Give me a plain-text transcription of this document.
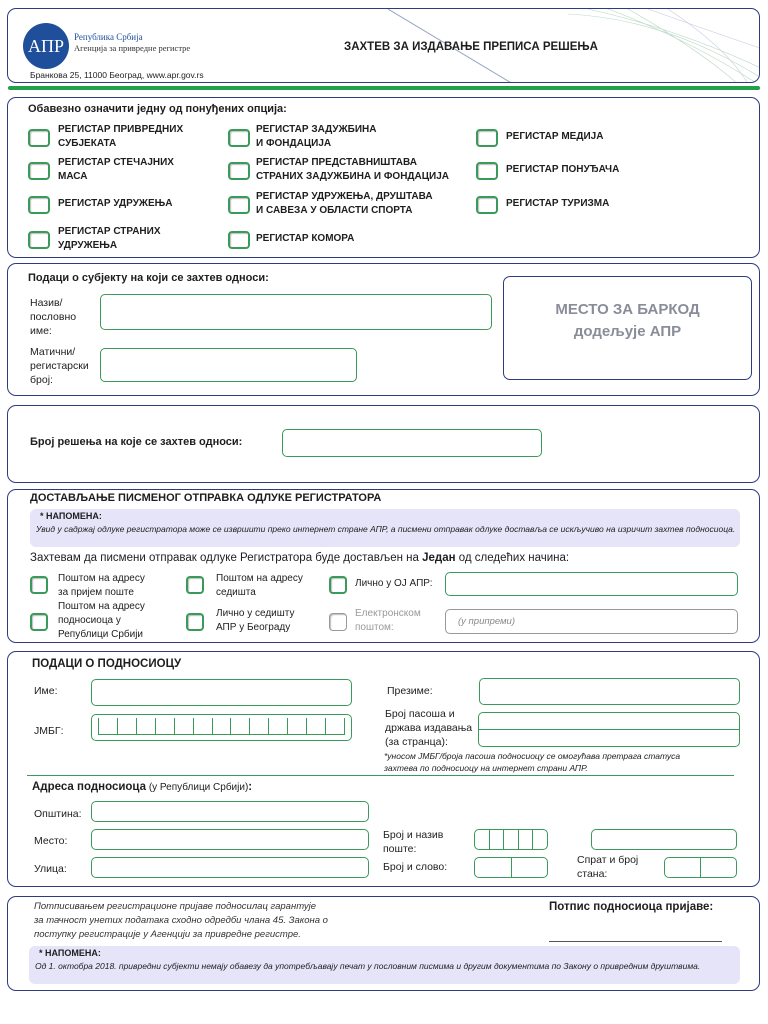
АПР	Република Србија
Агенција за привредне регистре
Бранкова 25, 11000 Београд, www.apr.gov.rs
ЗАХТЕВ ЗА ИЗДАВАЊЕ ПРЕПИСА РЕШЕЊА
Обавезно означити једну од понуђених опција:
РЕГИСТАР ПРИВРЕДНИХ
СУБЈЕКАТА
РЕГИСТАР СТЕЧАЈНИХ
МАСА
РЕГИСТАР УДРУЖЕЊА
РЕГИСТАР СТРАНИХ
УДРУЖЕЊА
РЕГИСТАР ЗАДУЖБИНА
И ФОНДАЦИЈА
РЕГИСТАР ПРЕДСТАВНИШТАВА
СТРАНИХ ЗАДУЖБИНА И ФОНДАЦИЈА
РЕГИСТАР УДРУЖЕЊА, ДРУШТАВА
И САВЕЗА У ОБЛАСТИ СПОРТА
РЕГИСТАР КОМОРА
РЕГИСТАР МЕДИЈА
РЕГИСТАР ПОНУЂАЧА
РЕГИСТАР ТУРИЗМА
Подаци о субјекту на који се захтев односи:
Назив/
пословно
име:
Матични/
регистарски
број:
МЕСТО ЗА БАРКОД
додељује АПР
Број решења на које се захтев односи:
ДОСТАВЉАЊЕ ПИСМЕНОГ ОТПРАВКА ОДЛУКЕ РЕГИСТРАТОРА
* НАПОМЕНА:
Увид у садржај одлуке регистратора може се извршити преко интернет стране АПР, а писмени отправак одлуке доставља се искључиво на изричит захтев подносиоца.
Захтевам да писмени отправак одлуке Регистратора буде достављен на Један од следећих начина:
Поштом на адресу
за пријем поште
Поштом на адресу
седишта
Лично у ОЈ АПР:
Поштом на адресу
подносиоца у
Републици Србији
Лично у седишту
АПР у Београду
Електронском
поштом:
(у припреми)
ПОДАЦИ О ПОДНОСИОЦУ
Име:	Презиме:
ЈМБГ:
Број пасоша и
држава издавања
(за странца):
*уносом ЈМБГ/броја пасоша подносиоцу се омогућава претрага статуса
захтева по подносиоцу на интернет страни АПР.
Адреса подносиоца (у Републици Србији):
Општина:
Место:
Улица:
Број и назив
поште:
Број и слово:
Спрат и број
стана:
Потписивањем регистрационе пријаве подносилац гарантује
за тачност унетих података сходно одредби члана 45. Закона о
поступку регистрације у Агенцији за привредне регистре.
Потпис подносиоца пријаве:
* НАПОМЕНА:
Од 1. октобра 2018. привредни субјекти немају обавезу да употребљавају печат у пословним писмима и другим документима по Закону о привредним друштвима.
